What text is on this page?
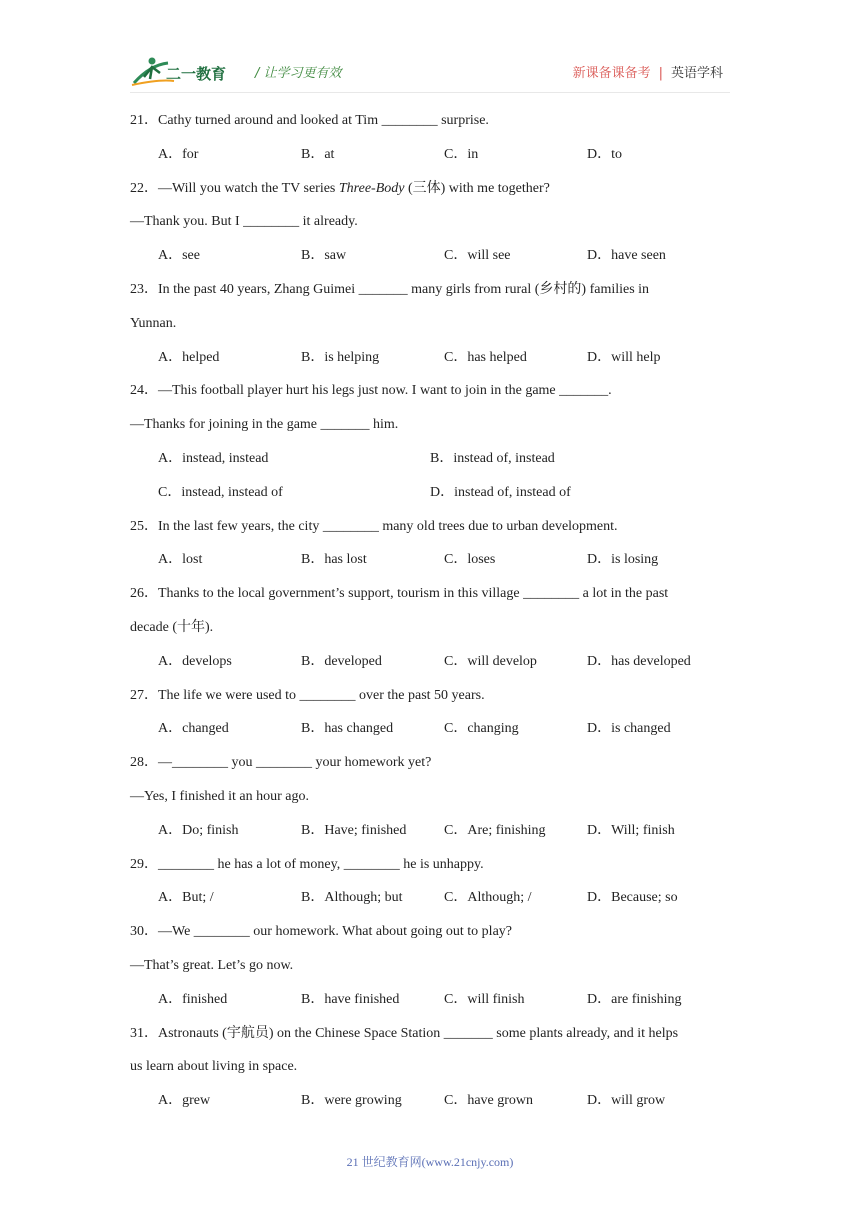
二一教育 / 让学习更有效	新课备课备考 | 英语学科
21．Cathy turned around and looked at Tim ________ surprise.
A．for	B．at	C．in	D．to
22．—Will you watch the TV series Three-Body (三体) with me together?
—Thank you. But I ________ it already.
A．see	B．saw	C．will see	D．have seen
23．In the past 40 years, Zhang Guimei _______ many girls from rural (乡村的) families in
Yunnan.
A．helped	B．is helping	C．has helped	D．will help
24．—This football player hurt his legs just now. I want to join in the game _______.
—Thanks for joining in the game _______ him.
A．instead, instead	B．instead of, instead
C．instead, instead of	D．instead of, instead of
25．In the last few years, the city ________ many old trees due to urban development.
A．lost	B．has lost	C．loses	D．is losing
26．Thanks to the local government’s support, tourism in this village ________ a lot in the past
decade (十年).
A．develops	B．developed	C．will develop	D．has developed
27．The life we were used to ________ over the past 50 years.
A．changed	B．has changed	C．changing	D．is changed
28．—________ you ________ your homework yet?
—Yes, I finished it an hour ago.
A．Do; finish	B．Have; finished	C．Are; finishing	D．Will; finish
29．________ he has a lot of money, ________ he is unhappy.
A．But; /	B．Although; but	C．Although; /	D．Because; so
30．—We ________ our homework. What about going out to play?
—That’s great. Let’s go now.
A．finished	B．have finished	C．will finish	D．are finishing
31．Astronauts (宇航员) on the Chinese Space Station _______ some plants already, and it helps
us learn about living in space.
A．grew	B．were growing	C．have grown	D．will grow
21 世纪教育网(www.21cnjy.com)
